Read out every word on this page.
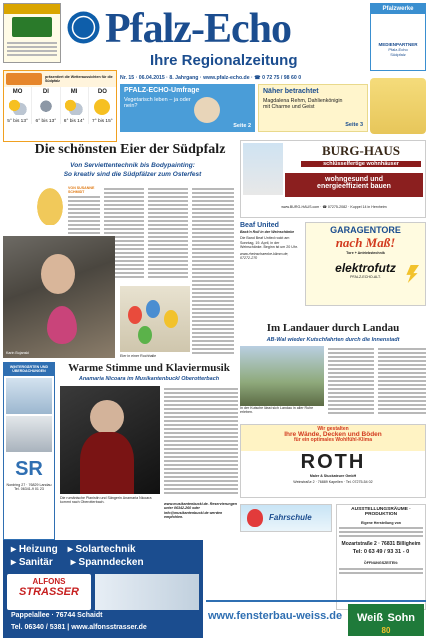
Pfalz-Echo
Ihre Regionalzeitung
Pfalzwerke
MEDIENPARTNER
Pfalz-Echo
Südpfalz
Nr. 15 · 06.04.2015 · 8. Jahrgang · www.pfalz-echo.de · ☎ 0 72 75 / 98 60 0
präsentiert die Wetteraussichten für die Südpfalz
MO
5° bis 13°
DI
6° bis 13°
MI
6° bis 14°
DO
7° bis 15°
PFALZ-ECHO-Umfrage
Vegetarisch leben – ja oder nein?
Seite 2
Näher betrachtet
Magdalena Rehm, Dahlienkönigin mit Charme und Geist
Seite 3
Die schönsten Eier der Südpfalz
Von Serviettentechnik bis Bodypainting:
So kreativ sind die Südpfälzer zum Osterfest
VON SUSANNE SCHMIDT
Karin Bujanski
Eier in einer Rochhalle
BURG-HAUS
schlüsselfertige wohnhäuser
wohngesund und
energieeffizient bauen
www.BURG-HAUS.com · ☎ 07275-2082 · Kuppel 14 in Herxheim
Beaf United
Back'n Roll in der Weinschänke
Die Band Beaf United rockt am Sonntag, 19. April, in der Weinschänke. Beginn ist um 20 Uhr.
www.rheinschaenke-klimm.de, 07272-270
GARAGENTORE
nach Maß!
Tore + Antriebstechnik
elektrofutz
PFALZ-ECHO-ALT.
Im Landauer durch Landau
AB-Wal wieder Kutschfahrten durch die Innenstadt
In der Kutsche lässt sich Landau in aller Ruhe erleben.
WINTERGÄRTEN UND ÜBERDACHUNGEN
SR
Nordring 27 · 76829 Landau
Tel. 06341-9 01 23
Warme Stimme und Klaviermusik
Anamaria Nicoara im Musikantenbuckl Oberotterbach
Die rumänische Pianistin und Sängerin Anamaria Nicoara kommt nach Oberotterbach.	www.musikantenbuckl.de. Reservierungen unter 06342-260 oder info@musikantenbuckl.de werden empfohlen.
Wir gestalten
Ihre Wände, Decken und Böden
für ein optimales Wohlfühl-Klima
ROTH
Maler & Stuckateure GmbH
Weinstraße 2 · 76889 Kapellen · Tel. 07275-54 02
AUSSTELLUNGSRÄUME · PRODUKTION
Eigene Herstellung von
Mozartstraße 2 · 76831 Billigheim
Tel: 0 63 49 / 93 31 - 0
ÖFFNUNGSZEITEN:
Fahrschule
▸ Heizung ▸ Solartechnik
▸ Sanitär ▸ Spanndecken
ALFONS
STRASSER
Pappelallee · 76744 Schaidt
Tel. 06340 / 5381 | www.alfonsstrasser.de
www.fensterbau-weiss.de	Weiß Sohn
80
